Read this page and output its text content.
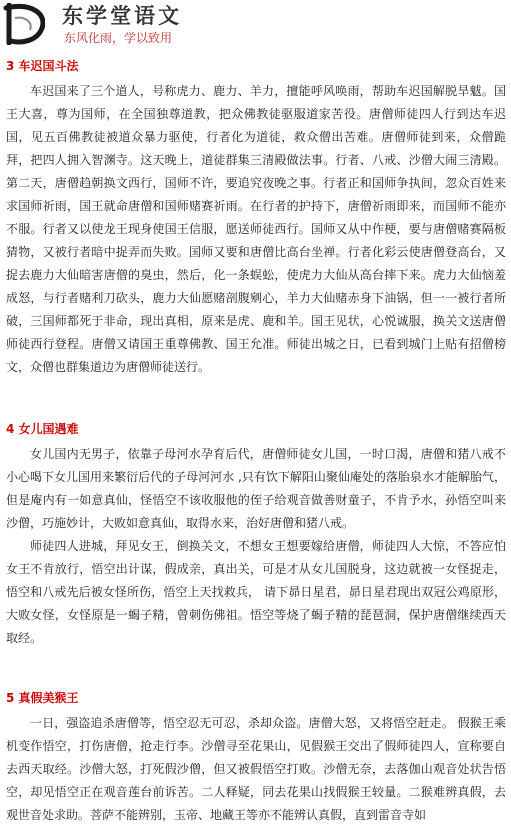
东学堂语文
东风化雨，学以致用
3 车迟国斗法

车迟国来了三个道人，号称虎力、鹿力、羊力，擅能呼风唤雨，帮助车迟国解脱旱魃。国王大喜，尊为国师，在全国独尊道教，把众佛教徒驱服道家苦役。唐僧师徒四人行到达车迟国，见五百佛教徒被道众暴力驱使，行者化为道徒，救众僧出苦难。唐僧师徒到来，众僧跪拜，把四人拥入智渊寺。这天晚上，道徒群集三清殿做法事。行者、八戒、沙僧大闹三清殿。第二天，唐僧趋朝换文西行，国师不许，要追究夜晚之事。行者正和国师争执间，忽众百姓来求国师祈雨，国王就命唐僧和国师赌赛祈雨。在行者的护持下，唐僧祈雨即来，而国师不能亦不服。行者又以使龙王现身使国王信服，愿送师徒西行。国师又从中作梗，要与唐僧赌赛隔板猜物，又被行者暗中捉弄而失败。国师又要和唐僧比高台坐禅。行者化彩云使唐僧登高台，又捉去鹿力大仙暗害唐僧的臭虫，然后，化一条蜈蚣，使虎力大仙从高台摔下来。虎力大仙恼羞成怒，与行者赌利刀砍头，鹿力大仙愿赌剖腹剜心，羊力大仙赌赤身下油锅，但一一被行者所破，三国师都死于非命，现出真相，原来是虎、鹿和羊。国王见状，心悦诚服，换关文送唐僧师徒西行登程。唐僧又请国王重尊佛教、国王允准。师徒出城之日，已看到城门上贴有招僧榜文，众僧也群集道边为唐僧师徒送行。

4 女儿国遇难

女儿国内无男子，依靠子母河水孕育后代，唐僧师徒女儿国，一时口渴，唐僧和猪八戒不小心喝下女儿国用来繁衍后代的子母河河水 ,只有饮下解阳山聚仙庵处的落胎泉水才能解胎气，但是庵内有一如意真仙，怪悟空不该收服他的侄子给观音做善财童子，不肯予水，孙悟空叫来沙僧，巧施妙计，大败如意真仙，取得水来，治好唐僧和猪八戒。

师徒四人进城，拜见女王，倒换关文，不想女王想要嫁给唐僧，师徒四人大惊，不答应怕女王不肯放行，悟空出计谋，假成亲，真出关，可是才从女儿国脱身，这边就被一女怪捉走，悟空和八戒先后被女怪所伤，悟空上天找救兵， 请下昴日星君，昴日星君现出双冠公鸡原形，大败女怪，女怪原是一蝎子精，曾刺伤佛祖。悟空等烧了蝎子精的琵琶洞，保护唐僧继续西天取经。

5 真假美猴王

一日，强盗追杀唐僧等，悟空忍无可忍，杀却众盗。唐僧大怒，又将悟空赶走。 假猴王乘机变作悟空，打伤唐僧，抢走行李。沙僧寻至花果山，见假猴王交出了假师徒四人，宣称要自去西天取经。沙僧大怒，打死假沙僧，但又被假悟空打败。沙僧无奈，去落伽山观音处状告悟空，却见悟空正在观音莲台前诉苦。二人释疑，同去花果山找假猴王较量。二猴难辨真假，去观世音处求助。菩萨不能辨别，玉帝、地藏王等亦不能辨认真假，直到雷音寺如
